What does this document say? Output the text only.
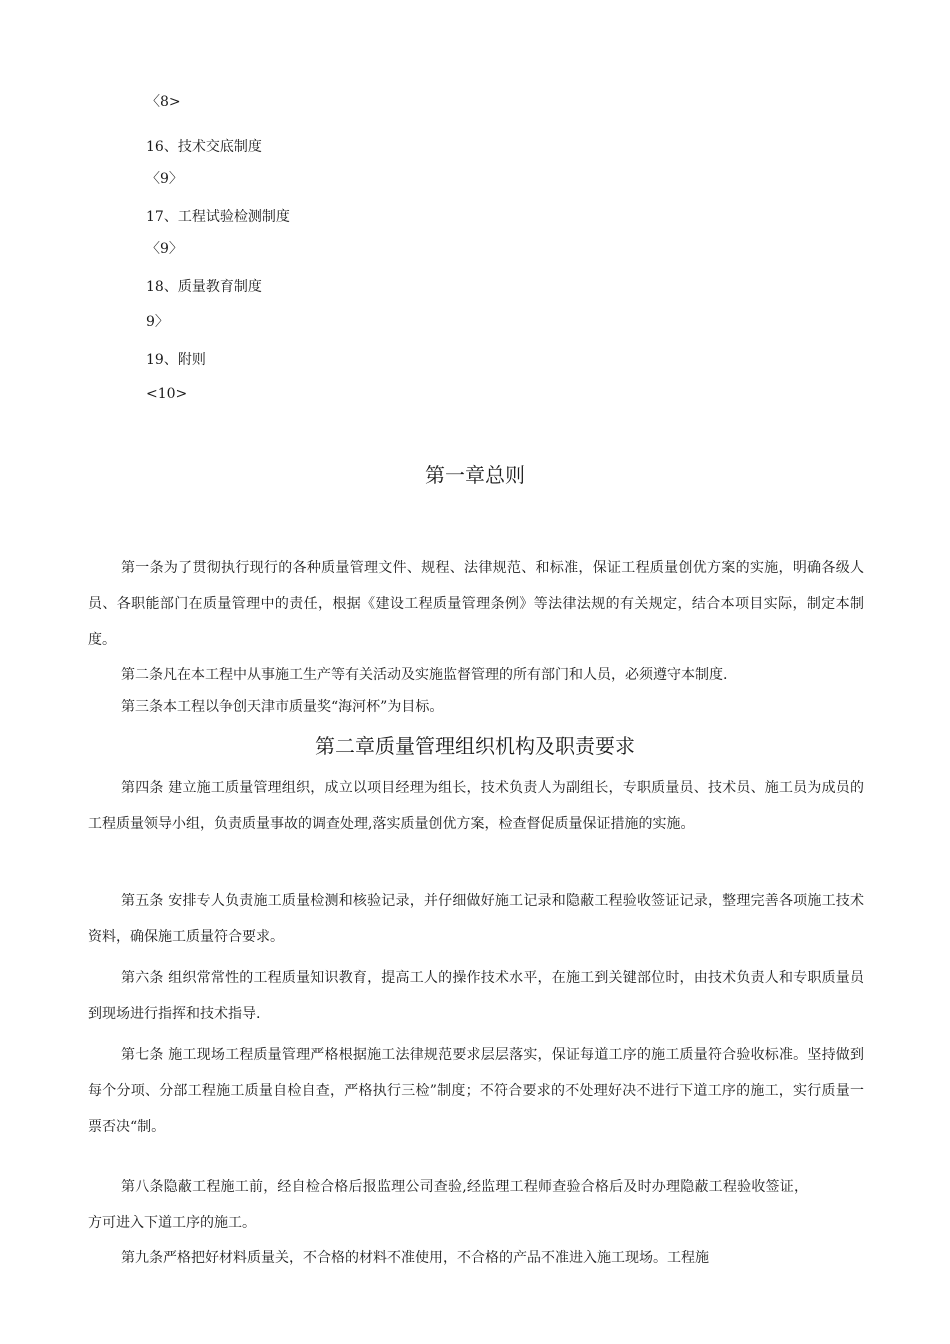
〈8>
16、技术交底制度
〈9〉
17、工程试验检测制度
〈9〉
18、质量教育制度
9〉
19、附则
<10>
第一章总则

第一条为了贯彻执行现行的各种质量管理文件、规程、法律规范、和标准，保证工程质量创优方案的实施，明确各级人员、各职能部门在质量管理中的责任，根据《建设工程质量管理条例》等法律法规的有关规定，结合本项目实际，制定本制度。

第二条凡在本工程中从事施工生产等有关活动及实施监督管理的所有部门和人员，必须遵守本制度.

第三条本工程以争创天津市质量奖“海河杯”为目标。

第二章质量管理组织机构及职责要求

第四条 建立施工质量管理组织，成立以项目经理为组长，技术负责人为副组长，专职质量员、技术员、施工员为成员的工程质量领导小组，负责质量事故的调查处理,落实质量创优方案，检查督促质量保证措施的实施。

第五条 安排专人负责施工质量检测和核验记录，并仔细做好施工记录和隐蔽工程验收签证记录，整理完善各项施工技术资料，确保施工质量符合要求。

第六条 组织常常性的工程质量知识教育，提高工人的操作技术水平，在施工到关键部位时，由技术负责人和专职质量员到现场进行指挥和技术指导.

第七条 施工现场工程质量管理严格根据施工法律规范要求层层落实，保证每道工序的施工质量符合验收标准。坚持做到每个分项、分部工程施工质量自检自查，严格执行三检”制度；不符合要求的不处理好决不进行下道工序的施工，实行质量一票否决“制。

第八条隐蔽工程施工前，经自检合格后报监理公司查验,经监理工程师查验合格后及时办理隐蔽工程验收签证，方可进入下道工序的施工。

第九条严格把好材料质量关，不合格的材料不准使用，不合格的产品不准进入施工现场。工程施
